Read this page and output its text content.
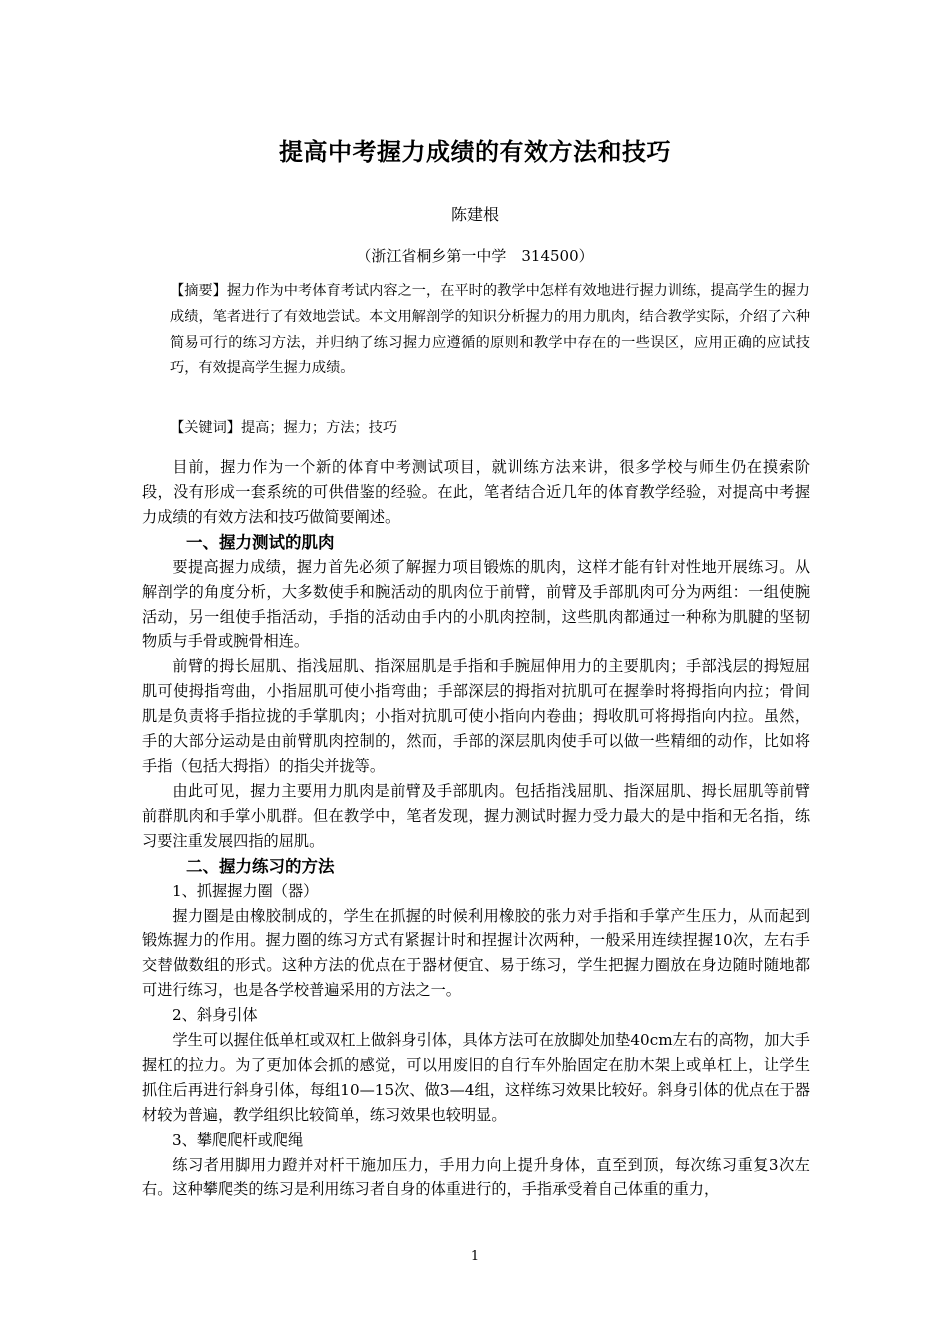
提高中考握力成绩的有效方法和技巧
陈建根
（浙江省桐乡第一中学　314500）
【摘要】握力作为中考体育考试内容之一，在平时的教学中怎样有效地进行握力训练，提高学生的握力成绩，笔者进行了有效地尝试。本文用解剖学的知识分析握力的用力肌肉，结合教学实际，介绍了六种简易可行的练习方法，并归纳了练习握力应遵循的原则和教学中存在的一些误区，应用正确的应试技巧，有效提高学生握力成绩。
【关键词】提高；握力；方法；技巧

目前，握力作为一个新的体育中考测试项目，就训练方法来讲，很多学校与师生仍在摸索阶段，没有形成一套系统的可供借鉴的经验。在此，笔者结合近几年的体育教学经验，对提高中考握力成绩的有效方法和技巧做简要阐述。

一、握力测试的肌肉

要提高握力成绩，握力首先必须了解握力项目锻炼的肌肉，这样才能有针对性地开展练习。从解剖学的角度分析，大多数使手和腕活动的肌肉位于前臂，前臂及手部肌肉可分为两组：一组使腕活动，另一组使手指活动，手指的活动由手内的小肌肉控制，这些肌肉都通过一种称为肌腱的坚韧物质与手骨或腕骨相连。

前臂的拇长屈肌、指浅屈肌、指深屈肌是手指和手腕屈伸用力的主要肌肉；手部浅层的拇短屈肌可使拇指弯曲，小指屈肌可使小指弯曲；手部深层的拇指对抗肌可在握拳时将拇指向内拉；骨间肌是负责将手指拉拢的手掌肌肉；小指对抗肌可使小指向内卷曲；拇收肌可将拇指向内拉。虽然，手的大部分运动是由前臂肌肉控制的，然而，手部的深层肌肉使手可以做一些精细的动作，比如将手指（包括大拇指）的指尖并拢等。

由此可见，握力主要用力肌肉是前臂及手部肌肉。包括指浅屈肌、指深屈肌、拇长屈肌等前臂前群肌肉和手掌小肌群。但在教学中，笔者发现，握力测试时握力受力最大的是中指和无名指，练习要注重发展四指的屈肌。

二、握力练习的方法
1、抓握握力圈（器）

握力圈是由橡胶制成的，学生在抓握的时候利用橡胶的张力对手指和手掌产生压力，从而起到锻炼握力的作用。握力圈的练习方式有紧握计时和捏握计次两种，一般采用连续捏握10次，左右手交替做数组的形式。这种方法的优点在于器材便宜、易于练习，学生把握力圈放在身边随时随地都可进行练习，也是各学校普遍采用的方法之一。

2、斜身引体

学生可以握住低单杠或双杠上做斜身引体，具体方法可在放脚处加垫40cm左右的高物，加大手握杠的拉力。为了更加体会抓的感觉，可以用废旧的自行车外胎固定在肋木架上或单杠上，让学生抓住后再进行斜身引体，每组10—15次、做3—4组，这样练习效果比较好。斜身引体的优点在于器材较为普遍，教学组织比较简单，练习效果也较明显。

3、攀爬爬杆或爬绳

练习者用脚用力蹬并对杆干施加压力，手用力向上提升身体，直至到顶，每次练习重复3次左右。这种攀爬类的练习是利用练习者自身的体重进行的，手指承受着自己体重的重力，

1
